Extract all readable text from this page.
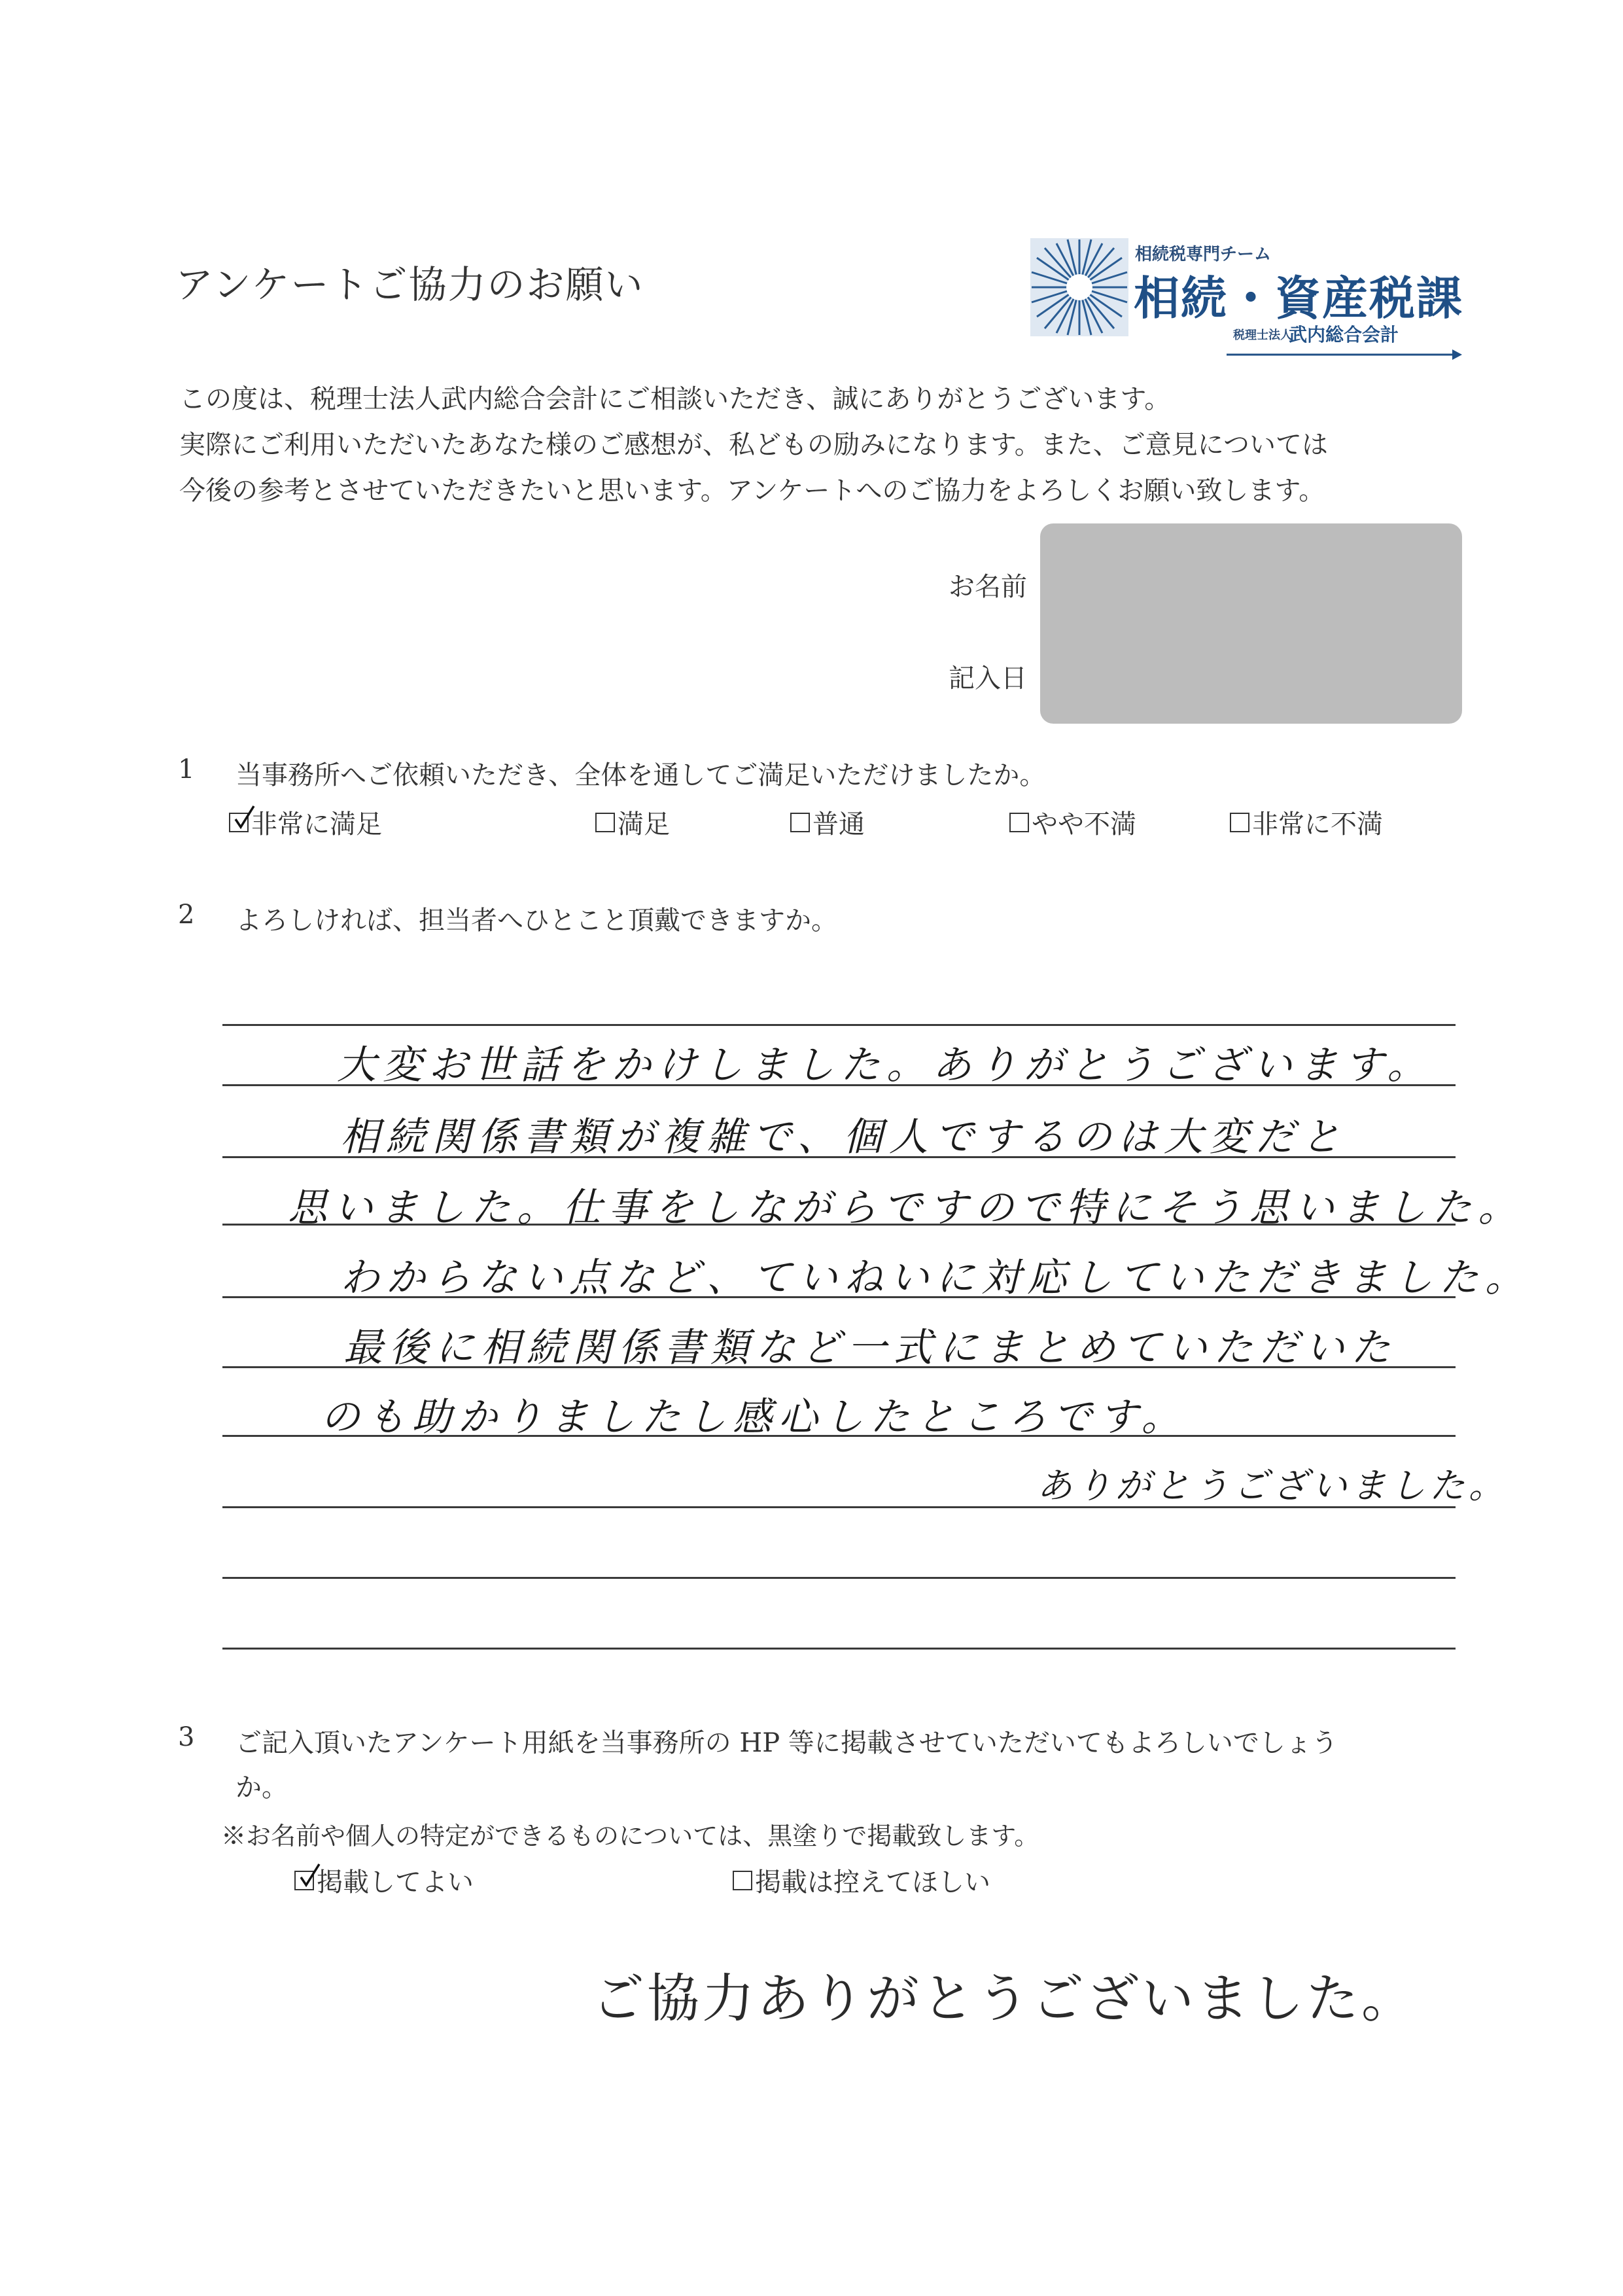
アンケートご協力のお願い
相続税専門チーム
相続・資産税課
税理士法人
武内総合会計
この度は、税理士法人武内総合会計にご相談いただき、誠にありがとうございます。
実際にご利用いただいたあなた様のご感想が、私どもの励みになります。また、ご意見については
今後の参考とさせていただきたいと思います。アンケートへのご協力をよろしくお願い致します。
お名前
記入日
1 当事務所へご依頼いただき、全体を通してご満足いただけましたか。
非常に満足	満足	普通	やや不満	非常に不満
2 よろしければ、担当者へひとこと頂戴できますか。
大変お世話をかけしました。ありがとうございます。
相続関係書類が複雑で、個人でするのは大変だと
思いました。仕事をしながらですので特にそう思いました。
わからない点など、ていねいに対応していただきました。
最後に相続関係書類など一式にまとめていただいた
のも助かりましたし感心したところです。
ありがとうございました。
3 ご記入頂いたアンケート用紙を当事務所の HP 等に掲載させていただいてもよろしいでしょう
か。
※お名前や個人の特定ができるものについては、黒塗りで掲載致します。
掲載してよい	掲載は控えてほしい
ご協力ありがとうございました。
